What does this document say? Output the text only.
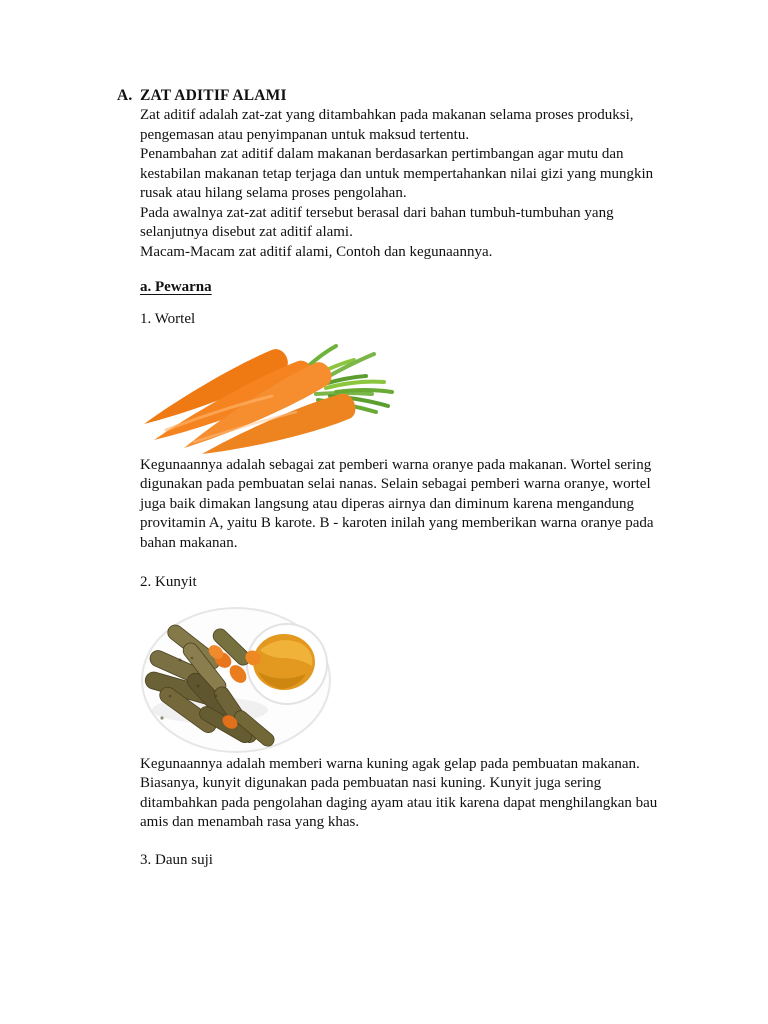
A. ZAT ADITIF ALAMI

Zat aditif adalah zat-zat yang ditambahkan pada makanan selama proses produksi, pengemasan atau penyimpanan untuk maksud tertentu.

Penambahan zat aditif dalam makanan berdasarkan pertimbangan agar mutu dan kestabilan makanan tetap terjaga dan untuk mempertahankan nilai gizi yang mungkin rusak atau hilang selama proses pengolahan.

Pada awalnya zat-zat aditif tersebut berasal dari bahan tumbuh-tumbuhan yang selanjutnya disebut zat aditif alami.

Macam-Macam zat aditif alami, Contoh dan kegunaannya.

a. Pewarna
1. Wortel

Kegunaannya adalah sebagai zat pemberi warna oranye pada makanan. Wortel sering digunakan pada pembuatan selai nanas. Selain sebagai pemberi warna oranye, wortel juga baik dimakan langsung atau diperas airnya dan diminum karena mengandung provitamin A, yaitu B karote. B - karoten inilah yang memberikan warna oranye pada bahan makanan.

2. Kunyit

Kegunaannya adalah memberi warna kuning agak gelap pada pembuatan makanan. Biasanya, kunyit digunakan pada pembuatan nasi kuning. Kunyit juga sering ditambahkan pada pengolahan daging ayam atau itik karena dapat menghilangkan bau amis dan menambah rasa yang khas.

3. Daun suji
